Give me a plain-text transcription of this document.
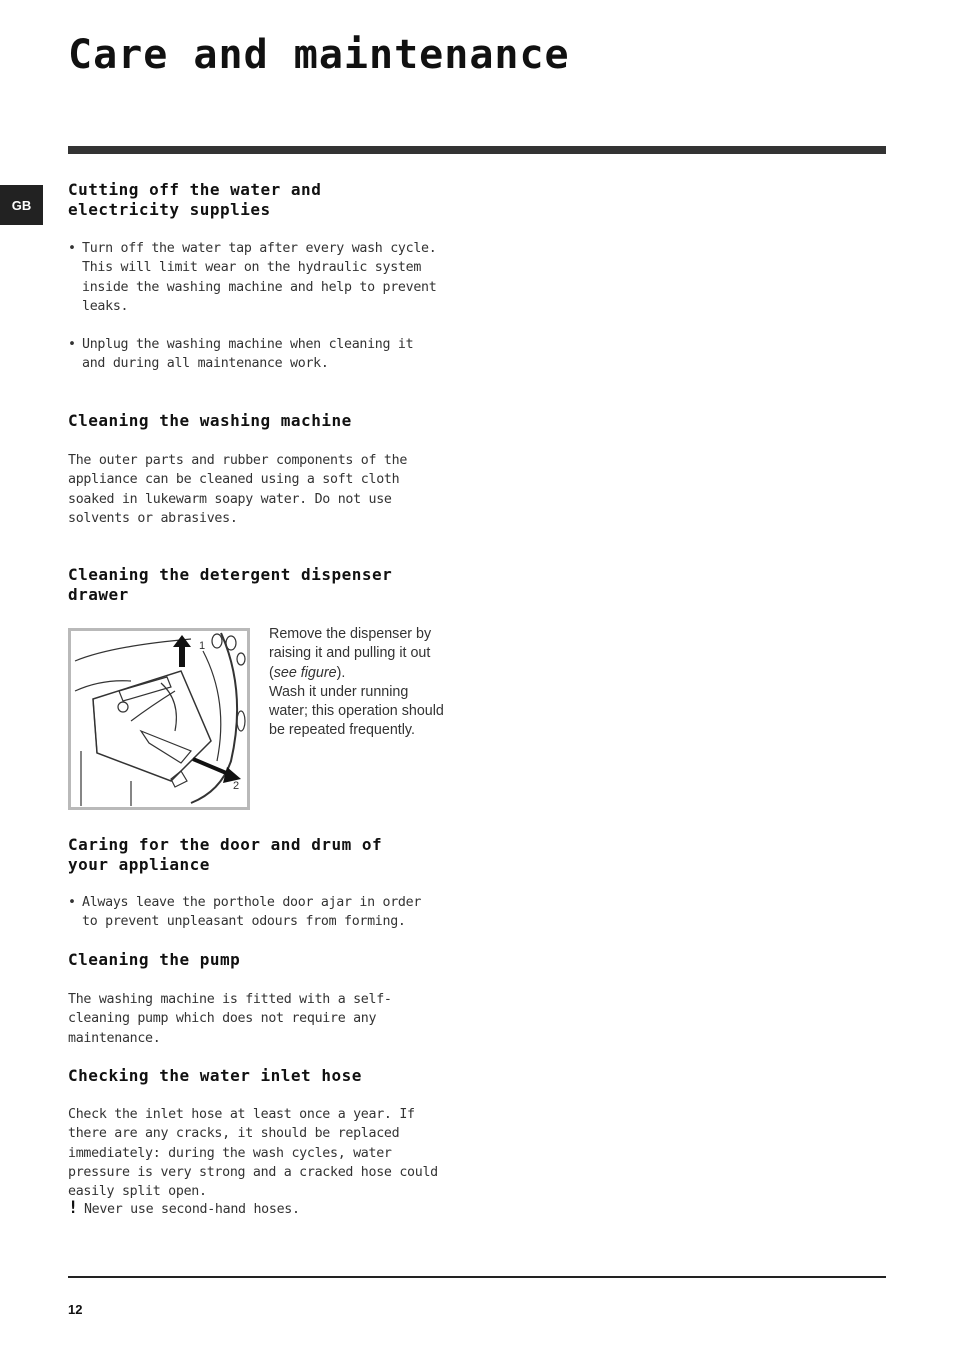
Care and maintenance
GB
Cutting off the water and
electricity supplies

• Turn off the water tap after every wash cycle. This will limit wear on the hydraulic system inside the washing machine and help to prevent leaks.

• Unplug the washing machine when cleaning it and during all maintenance work.

Cleaning the washing machine

The outer parts and rubber components of the appliance can be cleaned using a soft cloth soaked in lukewarm soapy water. Do not use solvents or abrasives.

Cleaning the detergent dispenser
drawer
1
2
Remove the dispenser by raising it and pulling it out (see figure).
Wash it under running water; this operation should be repeated frequently.
Caring for the door and drum of
your appliance

• Always leave the porthole door ajar in order to prevent unpleasant odours from forming.

Cleaning the pump

The washing machine is fitted with a self-cleaning pump which does not require any maintenance.

Checking the water inlet hose

Check the inlet hose at least once a year. If there are any cracks, it should be replaced immediately: during the wash cycles, water pressure is very strong and a cracked hose could easily split open.

! Never use second-hand hoses.

12
